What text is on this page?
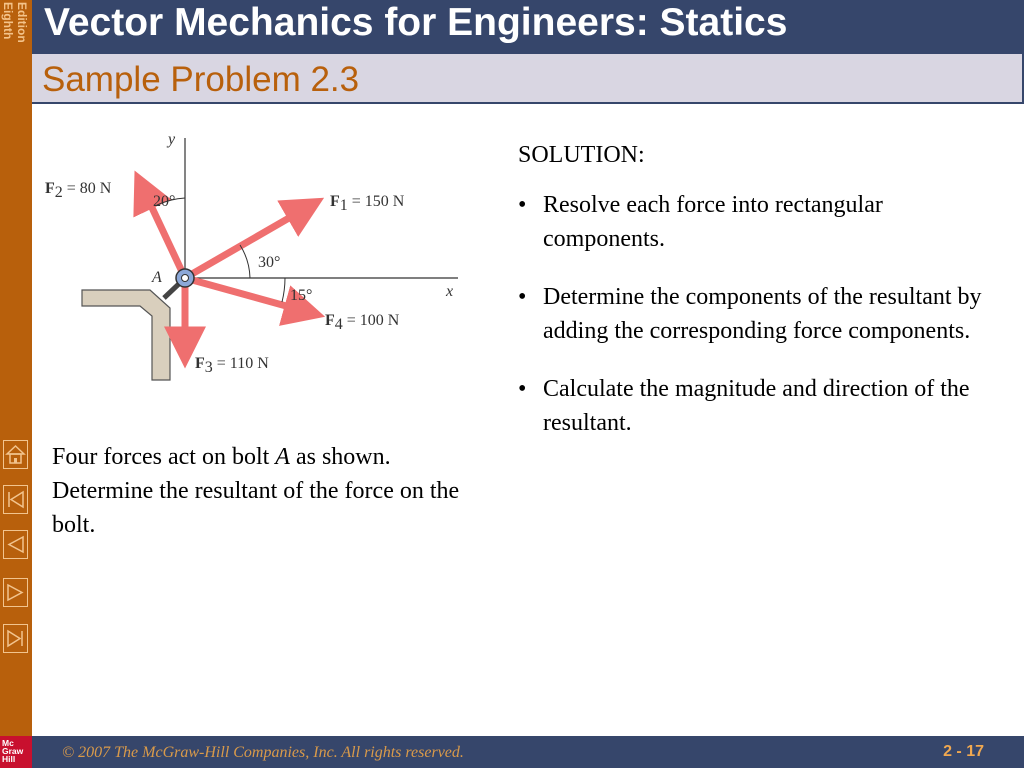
Eighth Edition
Mc
Graw
Hill
Vector Mechanics for Engineers: Statics
Sample Problem 2.3
y
x
A
20°
30°
15°
F1 = 150 N
F2 = 80 N
F3 = 110 N
F4 = 100 N
Four forces act on bolt A as shown. Determine the resultant of the force on the bolt.
SOLUTION:
• Resolve each force into rectangular components.
• Determine the components of the resultant by adding the corresponding force components.
• Calculate the magnitude and direction of the resultant.
© 2007 The McGraw-Hill Companies, Inc. All rights reserved.	2 - 17
